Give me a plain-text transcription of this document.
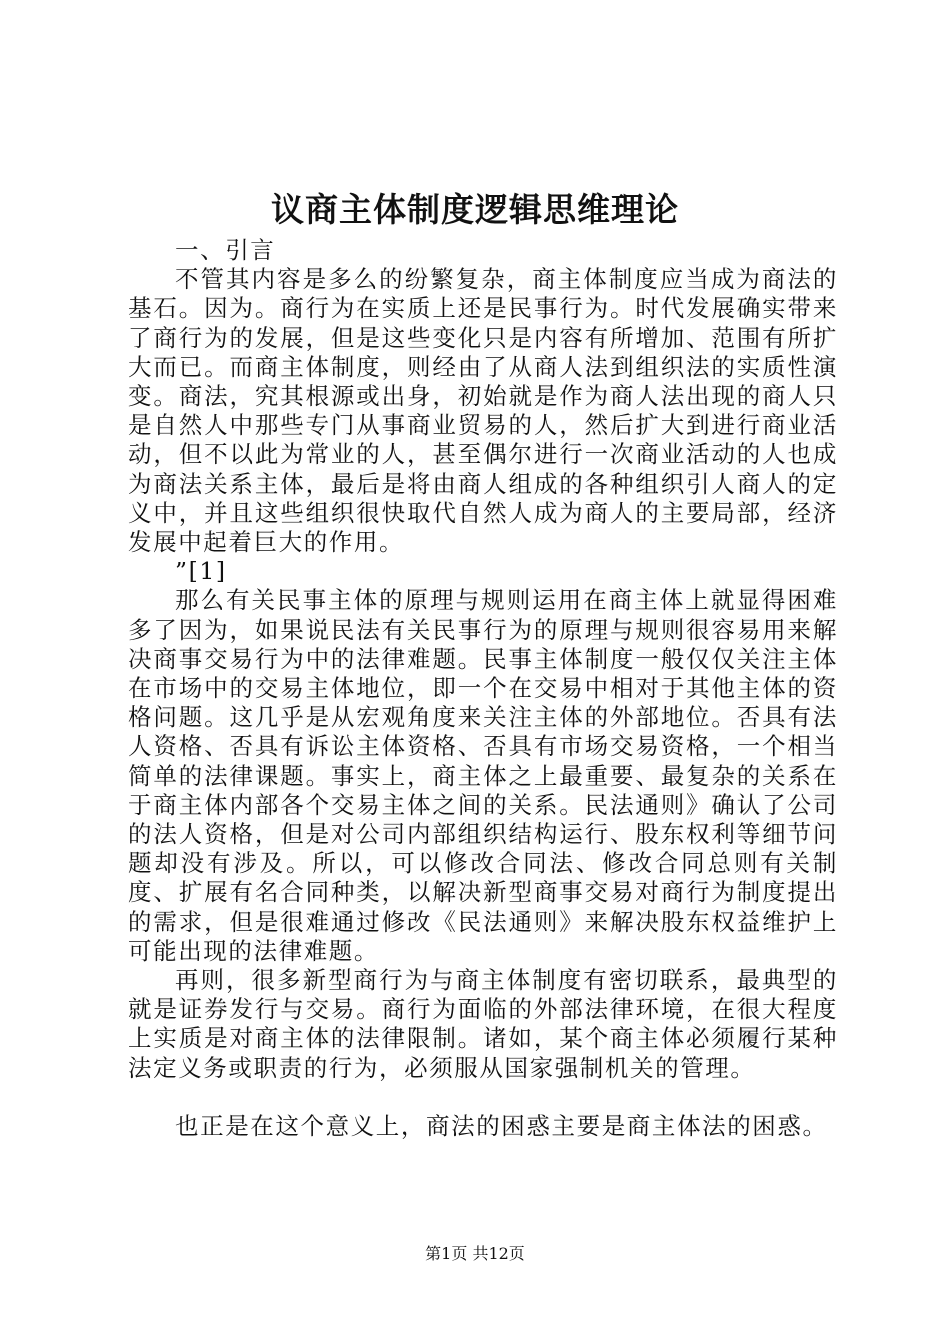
议商主体制度逻辑思维理论

一、引言

不管其内容是多么的纷繁复杂，商主体制度应当成为商法的基石。因为。商行为在实质上还是民事行为。时代发展确实带来了商行为的发展，但是这些变化只是内容有所增加、范围有所扩大而已。而商主体制度，则经由了从商人法到组织法的实质性演变。商法，究其根源或出身，初始就是作为商人法出现的商人只是自然人中那些专门从事商业贸易的人，然后扩大到进行商业活动，但不以此为常业的人，甚至偶尔进行一次商业活动的人也成为商法关系主体，最后是将由商人组成的各种组织引人商人的定义中，并且这些组织很快取代自然人成为商人的主要局部，经济发展中起着巨大的作用。

”[1]

那么有关民事主体的原理与规则运用在商主体上就显得困难多了因为，如果说民法有关民事行为的原理与规则很容易用来解决商事交易行为中的法律难题。民事主体制度一般仅仅关注主体在市场中的交易主体地位，即一个在交易中相对于其他主体的资格问题。这几乎是从宏观角度来关注主体的外部地位。否具有法人资格、否具有诉讼主体资格、否具有市场交易资格，一个相当简单的法律课题。事实上，商主体之上最重要、最复杂的关系在于商主体内部各个交易主体之间的关系。民法通则》确认了公司的法人资格，但是对公司内部组织结构运行、股东权利等细节问题却没有涉及。所以，可以修改合同法、修改合同总则有关制度、扩展有名合同种类，以解决新型商事交易对商行为制度提出的需求，但是很难通过修改《民法通则》来解决股东权益维护上可能出现的法律难题。

再则，很多新型商行为与商主体制度有密切联系，最典型的就是证券发行与交易。商行为面临的外部法律环境，在很大程度上实质是对商主体的法律限制。诸如，某个商主体必须履行某种法定义务或职责的行为，必须服从国家强制机关的管理。

也正是在这个意义上，商法的困惑主要是商主体法的困惑。

第1页 共12页
